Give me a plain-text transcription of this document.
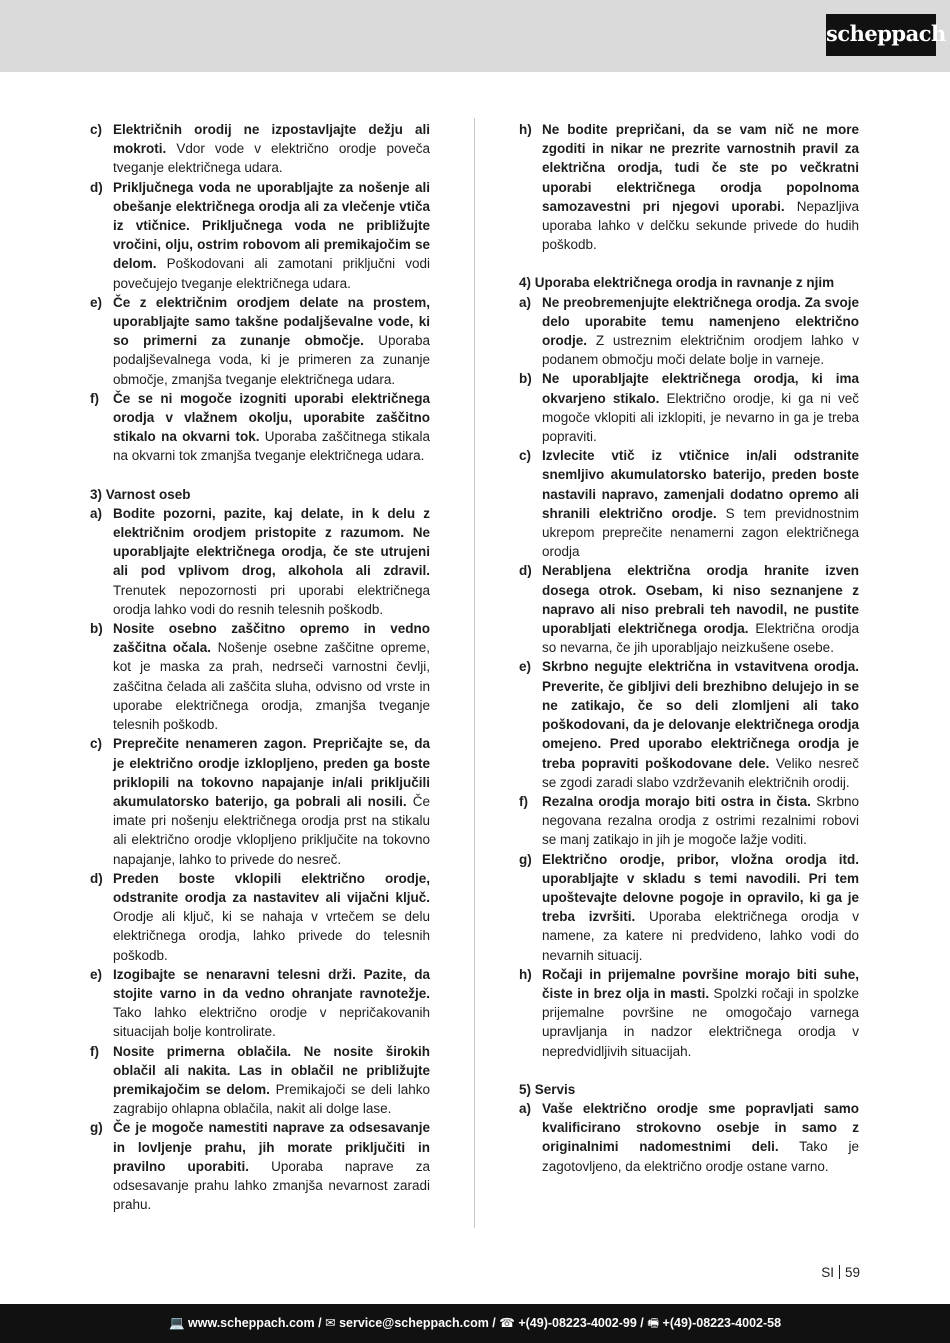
scheppach
c) Električnih orodij ne izpostavljajte dežju ali mokroti. Vdor vode v električno orodje poveča tveganje električnega udara.
d) Priključnega voda ne uporabljajte za nošenje ali obešanje električnega orodja ali za vlečenje vtiča iz vtičnice. Priključnega voda ne približujte vročini, olju, ostrim robovom ali premikajočim se delom. Poškodovani ali zamotani priključni vodi povečujejo tveganje električnega udara.
e) Če z električnim orodjem delate na prostem, uporabljajte samo takšne podaljševalne vode, ki so primerni za zunanje območje. Uporaba podaljševalnega voda, ki je primeren za zunanje območje, zmanjša tveganje električnega udara.
f)	Če se ni mogoče izogniti uporabi električnega orodja v vlažnem okolju, uporabite zaščitno stikalo na okvarni tok. Uporaba zaščitnega stikala na okvarni tok zmanjša tveganje električnega udara.
3) Varnost oseb
a) Bodite pozorni, pazite, kaj delate, in k delu z električnim orodjem pristopite z razumom. Ne uporabljajte električnega orodja, če ste utrujeni ali pod vplivom drog, alkohola ali zdravil. Trenutek nepozornosti pri uporabi električnega orodja lahko vodi do resnih telesnih poškodb.
b) Nosite osebno zaščitno opremo in vedno zaščitna očala. Nošenje osebne zaščitne opreme, kot je maska za prah, nedrseči varnostni čevlji, zaščitna čelada ali zaščita sluha, odvisno od vrste in uporabe električnega orodja, zmanjša tveganje telesnih poškodb.
c) Preprečite nenameren zagon. Prepričajte se, da je električno orodje izklopljeno, preden ga boste priklopili na tokovno napajanje in/ali priključili akumulatorsko baterijo, ga pobrali ali nosili. Če imate pri nošenju električnega orodja prst na stikalu ali električno orodje vklopljeno priključite na tokovno napajanje, lahko to privede do nesreč.
d) Preden boste vklopili električno orodje, odstranite orodja za nastavitev ali vijačni ključ. Orodje ali ključ, ki se nahaja v vrtečem se delu električnega orodja, lahko privede do telesnih poškodb.
e) Izogibajte se nenaravni telesni drži. Pazite, da stojite varno in da vedno ohranjate ravnotežje. Tako lahko električno orodje v nepričakovanih situacijah bolje kontrolirate.
f)	Nosite primerna oblačila. Ne nosite širokih oblačil ali nakita. Las in oblačil ne približujte premikajočim se delom. Premikajoči se deli lahko zagrabijo ohlapna oblačila, nakit ali dolge lase.
g) Če je mogoče namestiti naprave za odsesavanje in lovljenje prahu, jih morate priključiti in pravilno uporabiti. Uporaba naprave za odsesavanje prahu lahko zmanjša nevarnost zaradi prahu.
h) Ne bodite prepričani, da se vam nič ne more zgoditi in nikar ne prezrite varnostnih pravil za električna orodja, tudi če ste po večkratni uporabi električnega orodja popolnoma samozavestni pri njegovi uporabi. Nepazljiva uporaba lahko v delčku sekunde privede do hudih poškodb.
4) Uporaba električnega orodja in ravnanje z njim
a) Ne preobremenjujte električnega orodja. Za svoje delo uporabite temu namenjeno električno orodje. Z ustreznim električnim orodjem lahko v podanem območju moči delate bolje in varneje.
b) Ne uporabljajte električnega orodja, ki ima okvarjeno stikalo. Električno orodje, ki ga ni več mogoče vklopiti ali izklopiti, je nevarno in ga je treba popraviti.
c) Izvlecite vtič iz vtičnice in/ali odstranite snemljivo akumulatorsko baterijo, preden boste nastavili napravo, zamenjali dodatno opremo ali shranili električno orodje. S tem previdnostnim ukrepom preprečite nenamerni zagon električnega orodja
d) Nerabljena električna orodja hranite izven dosega otrok. Osebam, ki niso seznanjene z napravo ali niso prebrali teh navodil, ne pustite uporabljati električnega orodja. Električna orodja so nevarna, če jih uporabljajo neizkušene osebe.
e) Skrbno negujte električna in vstavitvena orodja. Preverite, če gibljivi deli brezhibno delujejo in se ne zatikajo, če so deli zlomljeni ali tako poškodovani, da je delovanje električnega orodja omejeno. Pred uporabo električnega orodja je treba popraviti poškodovane dele. Veliko nesreč se zgodi zaradi slabo vzdrževanih električnih orodij.
f)	Rezalna orodja morajo biti ostra in čista. Skrbno negovana rezalna orodja z ostrimi rezalnimi robovi se manj zatikajo in jih je mogoče lažje voditi.
g) Električno orodje, pribor, vložna orodja itd. uporabljajte v skladu s temi navodili. Pri tem upoštevajte delovne pogoje in opravilo, ki ga je treba izvršiti. Uporaba električnega orodja v namene, za katere ni predvideno, lahko vodi do nevarnih situacij.
h) Ročaji in prijemalne površine morajo biti suhe, čiste in brez olja in masti. Spolzki ročaji in spolzke prijemalne površine ne omogočajo varnega upravljanja in nadzor električnega orodja v nepredvidljivih situacijah.
5) Servis
a) Vaše električno orodje sme popravljati samo kvalificirano strokovno osebje in samo z originalnimi nadomestnimi deli. Tako je zagotovljeno, da električno orodje ostane varno.
SI 59
💻 www.scheppach.com / ✉ service@scheppach.com / ☎ +(49)-08223-4002-99 / 🖷 +(49)-08223-4002-58
